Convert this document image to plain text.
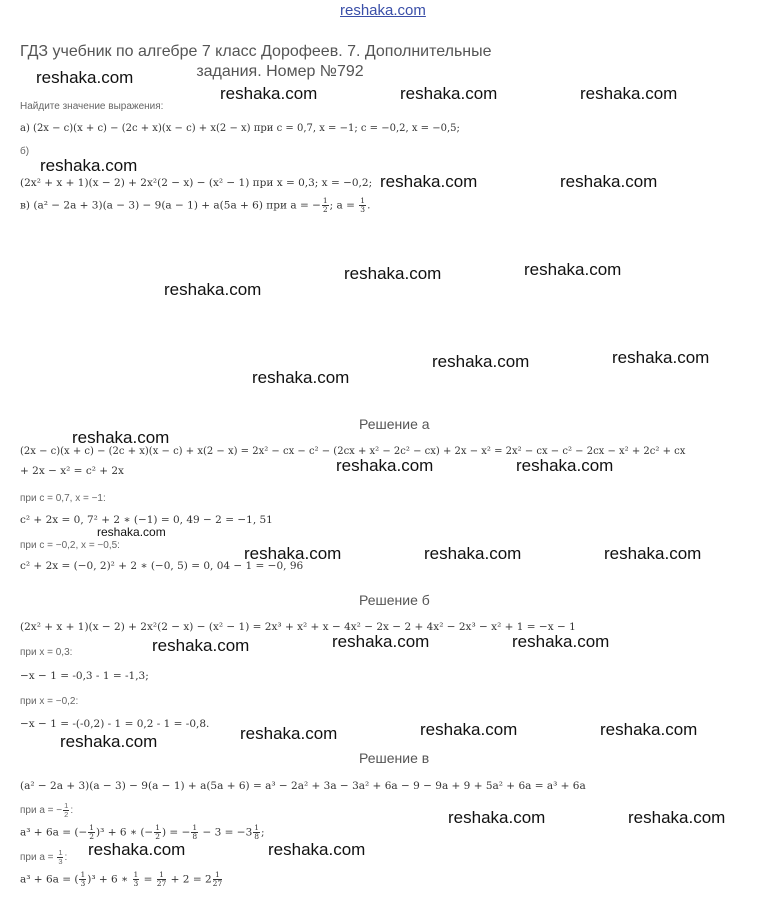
reshaka.com
ГДЗ учебник по алгебре 7 класс Дорофеев. 7. Дополнительные
задания. Номер №792
Найдите значение выражения:
а) (2x − c)(x + c) − (2c + x)(x − c) + x(2 − x) при c = 0,7, x = −1; c = −0,2, x = −0,5;
б)
(2x² + x + 1)(x − 2) + 2x²(2 − x) − (x² − 1) при x = 0,3; x = −0,2;
в) (a² − 2a + 3)(a − 3) − 9(a − 1) + a(5a + 6) при a = − $\frac{1}{2}$ ; $a = \frac{1}{3}$ .
Решение а
(2x − c)(x + c) − (2c + x)(x − c) + x(2 − x) = 2x² − cx − c² − (2cx + x² − 2c² − cx) + 2x − x² = 2x² − cx − c² − 2cx − x² + 2c² + cx
+ 2x − x² = c² + 2x
при c = 0,7, x = −1:
c² + 2x = 0, 7² + 2 ∗ (−1) = 0, 49 − 2 = −1, 51
при c = −0,2, x = −0,5:
c² + 2x = (−0, 2)² + 2 ∗ (−0, 5) = 0, 04 − 1 = −0, 96
Решение б
(2x² + x + 1)(x − 2) + 2x²(2 − x) − (x² − 1) = 2x³ + x² + x − 4x² − 2x − 2 + 4x² − 2x³ − x² + 1 = −x − 1
при x = 0,3:
−x − 1 = -0,3 - 1 = -1,3;
при x = −0,2:
−x − 1 = -(-0,2) - 1 = 0,2 - 1 = -0,8.
Решение в
(a² − 2a + 3)(a − 3) − 9(a − 1) + a(5a + 6) = a³ − 2a² + 3a − 3a² + 6a − 9 − 9a + 9 + 5a² + 6a = a³ + 6a
при a = − $\frac{1}{2}$ :
a³ + 6a = (− $\frac{1}{2} )^3 + 6$ ∗ (− $\frac{1}{2}$ ) = − $\frac{1}{8} - 3 = -3 \frac{1}{8}$ ;
при $a = \frac{1}{3}$ :
a³ + 6a = ( $\frac{1}{3} )^3 + 6$ ∗ $\frac{1}{3} = \frac{1}{27} + 2 = 2 \frac{1}{27}$
reshaka.com
reshaka.com	reshaka.com	reshaka.com
reshaka.com
reshaka.com	reshaka.com
reshaka.com	reshaka.com
reshaka.com
reshaka.com	reshaka.com
reshaka.com
reshaka.com
reshaka.com	reshaka.com
reshaka.com
reshaka.com	reshaka.com	reshaka.com
reshaka.com	reshaka.com	reshaka.com
reshaka.com	reshaka.com
reshaka.com
reshaka.com
reshaka.com	reshaka.com
reshaka.com	reshaka.com
